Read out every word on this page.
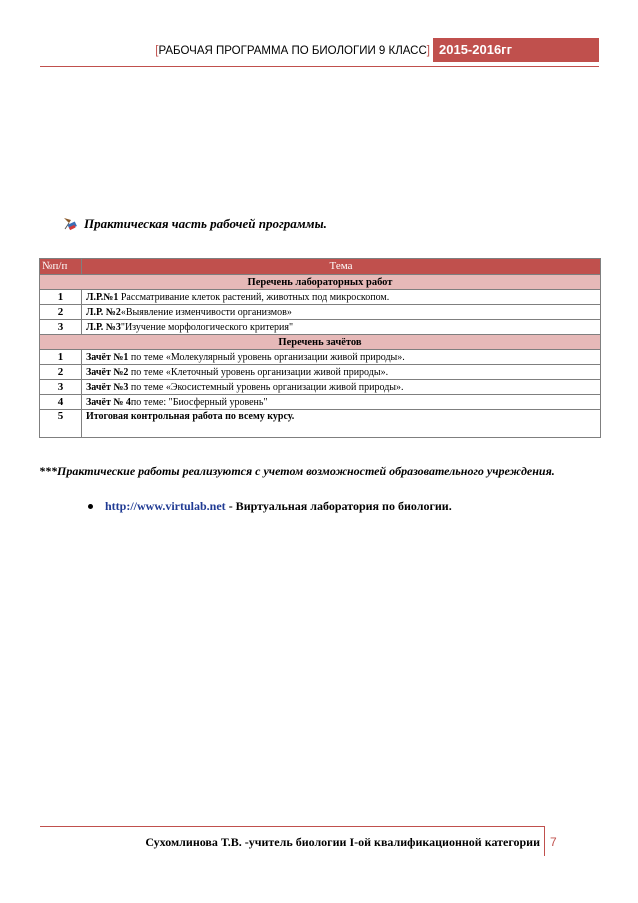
[РАБОЧАЯ ПРОГРАММА ПО БИОЛОГИИ 9 КЛАСС] 2015-2016гг
Практическая часть рабочей программы.
№п/п	Тема
Перечень лабораторных работ	
1	Л.Р.№1 Рассматривание клеток растений, животных под микроскопом.
2	Л.Р. №2«Выявление изменчивости организмов»
3	Л.Р. №3"Изучение морфологического критерия"
Перечень зачётов	
1	Зачёт №1 по теме «Молекулярный уровень организации живой природы».
2	Зачёт №2 по теме «Клеточный уровень организации живой природы».
3	Зачёт №3 по теме «Экосистемный уровень организации живой природы».
4	Зачёт № 4по теме: "Биосферный уровень"
5	Итоговая контрольная работа по всему курсу.
***Практические работы реализуются с учетом возможностей образовательного учреждения.
http://www.virtulab.net - Виртуальная лаборатория по биологии.
Сухомлинова Т.В. -учитель биологии I-ой квалификационной категории 7
